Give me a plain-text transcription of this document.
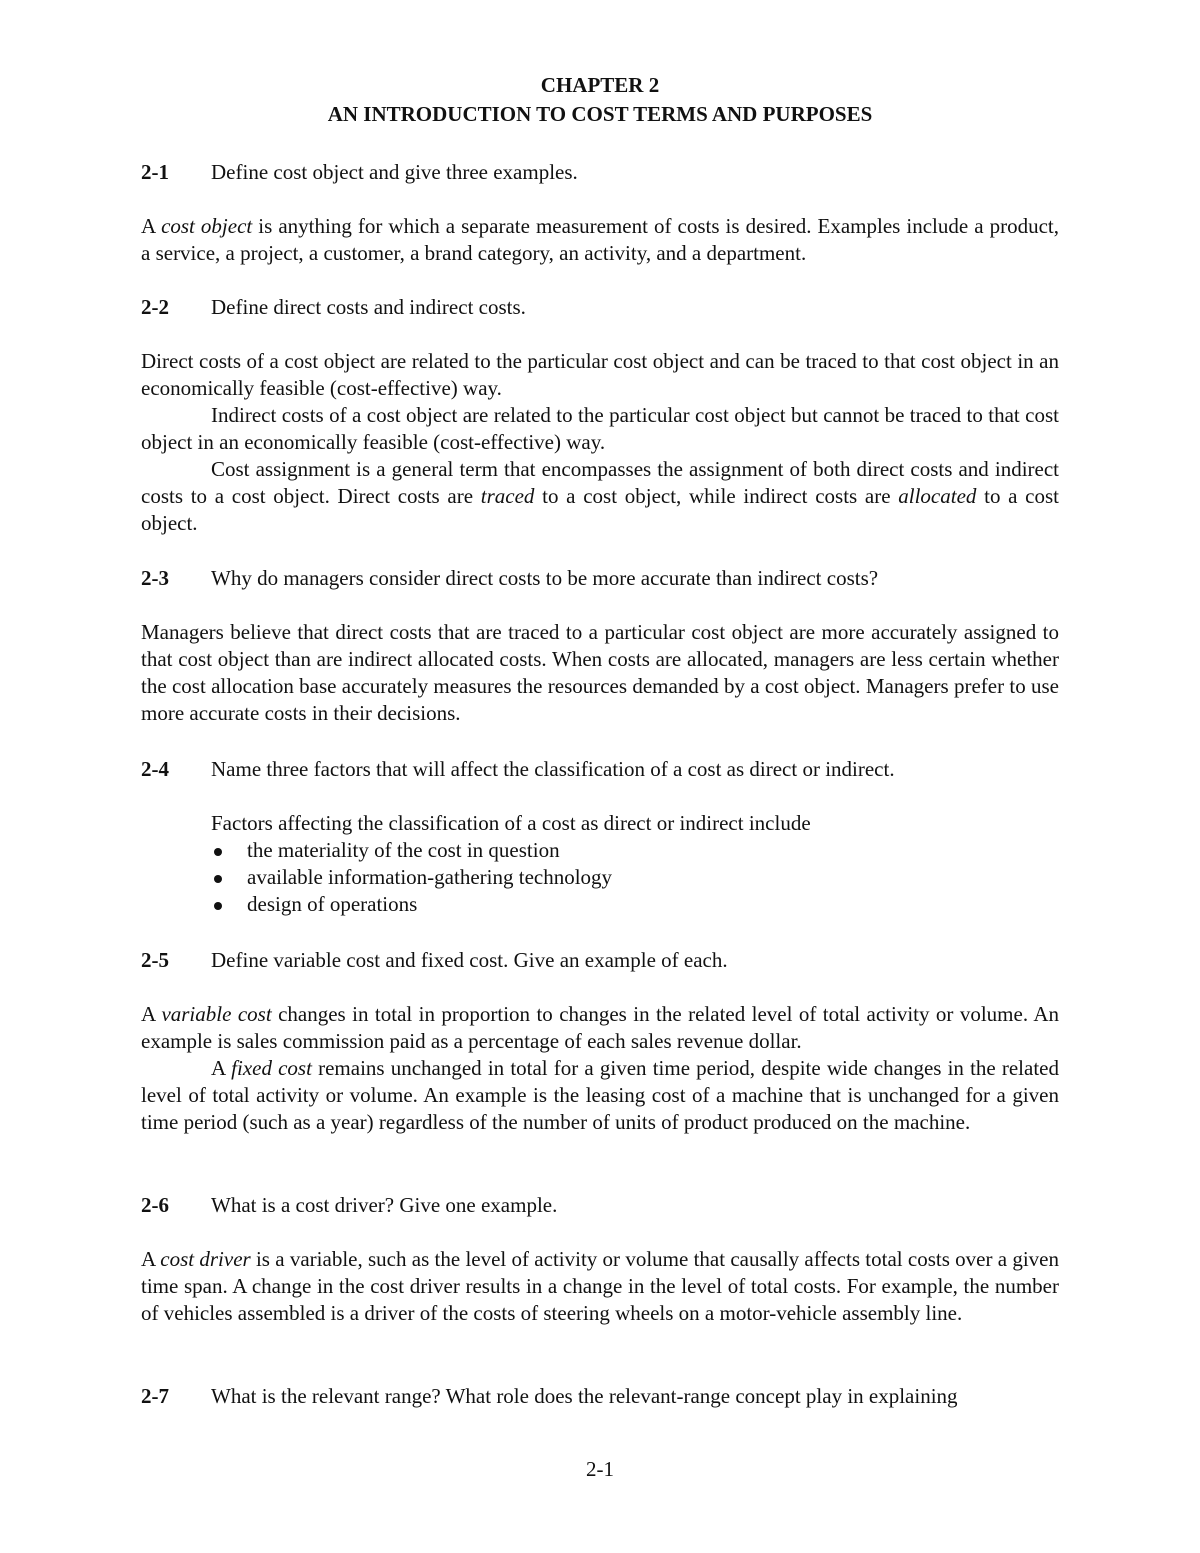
CHAPTER 2
AN INTRODUCTION TO COST TERMS AND PURPOSES
2-1 Define cost object and give three examples.

A cost object is anything for which a separate measurement of costs is desired. Examples include a product, a service, a project, a customer, a brand category, an activity, and a department.

2-2 Define direct costs and indirect costs.

Direct costs of a cost object are related to the particular cost object and can be traced to that cost object in an economically feasible (cost-effective) way.

Indirect costs of a cost object are related to the particular cost object but cannot be traced to that cost object in an economically feasible (cost-effective) way.

Cost assignment is a general term that encompasses the assignment of both direct costs and indirect costs to a cost object. Direct costs are traced to a cost object, while indirect costs are allocated to a cost object.

2-3 Why do managers consider direct costs to be more accurate than indirect costs?

Managers believe that direct costs that are traced to a particular cost object are more accurately assigned to that cost object than are indirect allocated costs. When costs are allocated, managers are less certain whether the cost allocation base accurately measures the resources demanded by a cost object. Managers prefer to use more accurate costs in their decisions.

2-4 Name three factors that will affect the classification of a cost as direct or indirect.

Factors affecting the classification of a cost as direct or indirect include

the materiality of the cost in question

available information-gathering technology

design of operations

2-5 Define variable cost and fixed cost. Give an example of each.

A variable cost changes in total in proportion to changes in the related level of total activity or volume. An example is sales commission paid as a percentage of each sales revenue dollar.

A fixed cost remains unchanged in total for a given time period, despite wide changes in the related level of total activity or volume. An example is the leasing cost of a machine that is unchanged for a given time period (such as a year) regardless of the number of units of product produced on the machine.

2-6 What is a cost driver? Give one example.

A cost driver is a variable, such as the level of activity or volume that causally affects total costs over a given time span. A change in the cost driver results in a change in the level of total costs. For example, the number of vehicles assembled is a driver of the costs of steering wheels on a motor-vehicle assembly line.

2-7 What is the relevant range? What role does the relevant-range concept play in explaining
2-1
